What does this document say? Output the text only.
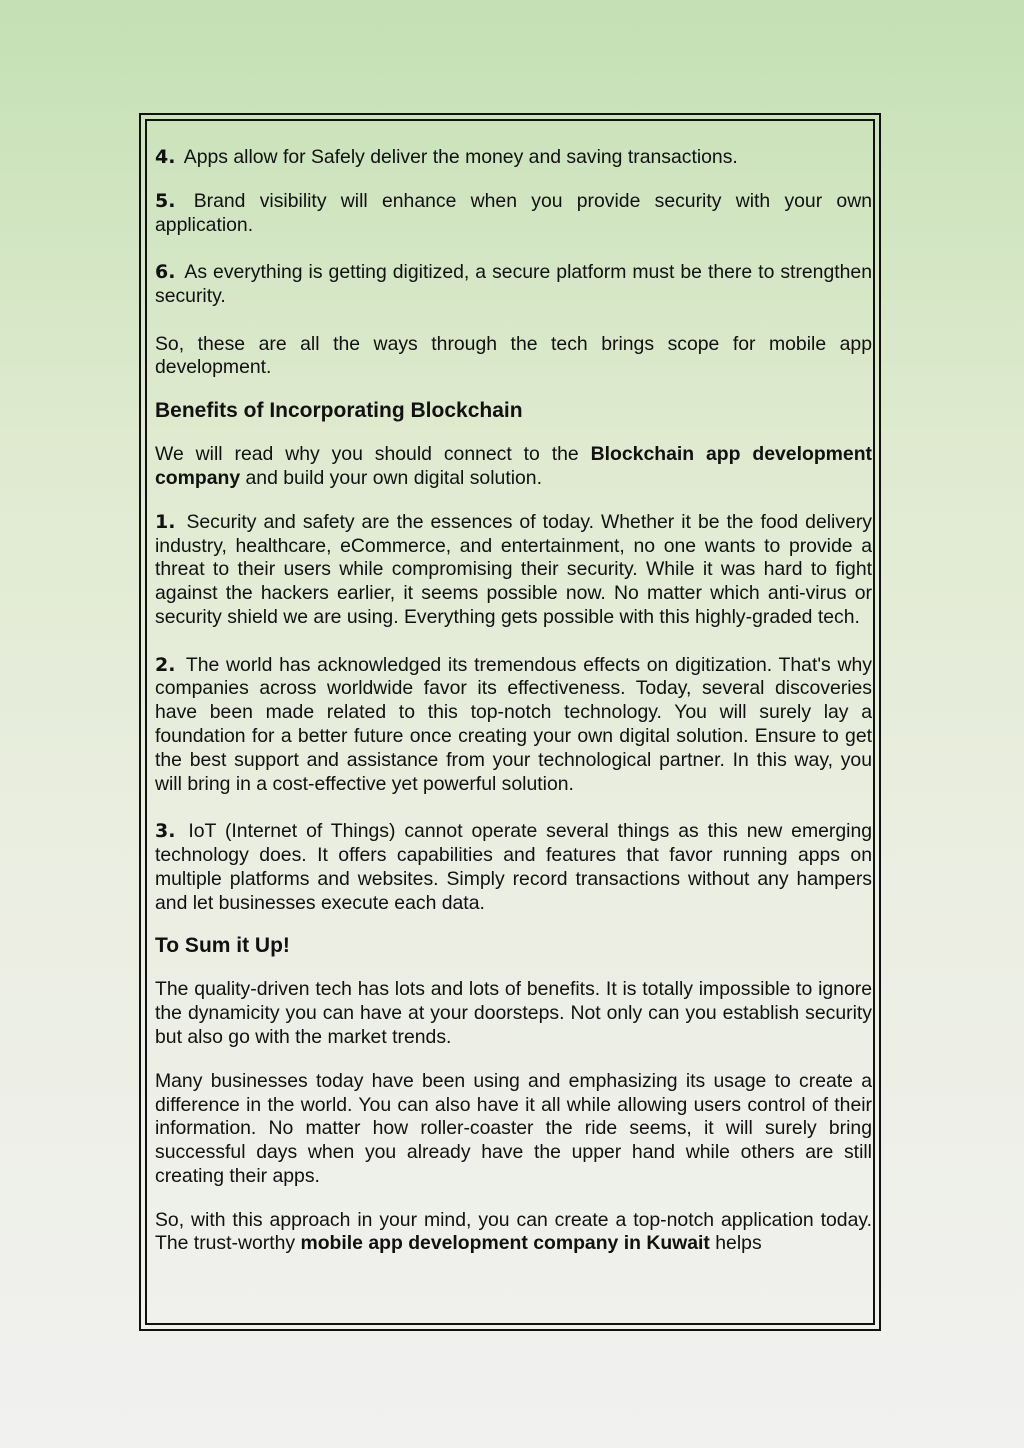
4. Apps allow for Safely deliver the money and saving transactions.

5. Brand visibility will enhance when you provide security with your own application.

6. As everything is getting digitized, a secure platform must be there to strengthen security.

So, these are all the ways through the tech brings scope for mobile app development.

Benefits of Incorporating Blockchain

We will read why you should connect to the Blockchain app development company and build your own digital solution.

1. Security and safety are the essences of today. Whether it be the food delivery industry, healthcare, eCommerce, and entertainment, no one wants to provide a threat to their users while compromising their security. While it was hard to fight against the hackers earlier, it seems possible now. No matter which anti-virus or security shield we are using. Everything gets possible with this highly-graded tech.

2. The world has acknowledged its tremendous effects on digitization. That's why companies across worldwide favor its effectiveness. Today, several discoveries have been made related to this top-notch technology. You will surely lay a foundation for a better future once creating your own digital solution. Ensure to get the best support and assistance from your technological partner. In this way, you will bring in a cost-effective yet powerful solution.

3. IoT (Internet of Things) cannot operate several things as this new emerging technology does. It offers capabilities and features that favor running apps on multiple platforms and websites. Simply record transactions without any hampers and let businesses execute each data.

To Sum it Up!

The quality-driven tech has lots and lots of benefits. It is totally impossible to ignore the dynamicity you can have at your doorsteps. Not only can you establish security but also go with the market trends.

Many businesses today have been using and emphasizing its usage to create a difference in the world. You can also have it all while allowing users control of their information. No matter how roller-coaster the ride seems, it will surely bring successful days when you already have the upper hand while others are still creating their apps.

So, with this approach in your mind, you can create a top-notch application today. The trust-worthy mobile app development company in Kuwait helps
